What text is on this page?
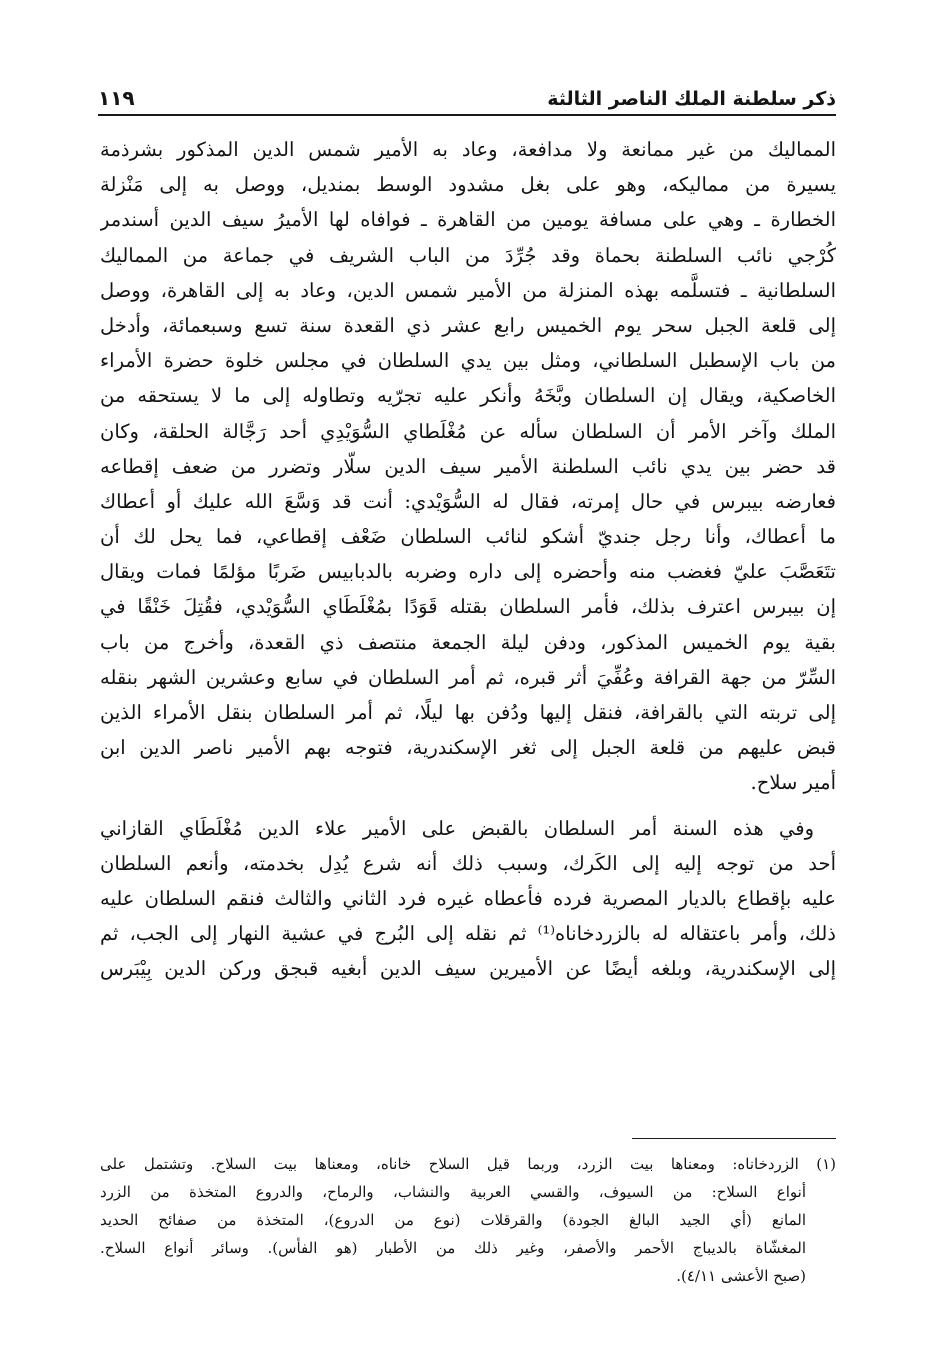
ذكر سلطنة الملك الناصر الثالثة
١١٩
المماليك من غير ممانعة ولا مدافعة، وعاد به الأمير شمس الدين المذكور بشرذمة
يسيرة من مماليكه، وهو على بغل مشدود الوسط بمنديل، ووصل به إلى مَنْزلة
الخطارة ـ وهي على مسافة يومين من القاهرة ـ فوافاه لها الأميرُ سيف الدين أسندمر
كُرْجي نائب السلطنة بحماة وقد جُرِّدَ من الباب الشريف في جماعة من المماليك
السلطانية ـ فتسلَّمه بهذه المنزلة من الأمير شمس الدين، وعاد به إلى القاهرة، ووصل
إلى قلعة الجبل سحر يوم الخميس رابع عشر ذي القعدة سنة تسع وسبعمائة، وأدخل
من باب الإسطبل السلطاني، ومثل بين يدي السلطان في مجلس خلوة حضرة الأمراء
الخاصكية، ويقال إن السلطان وبَّخَهُ وأنكر عليه تجرّيه وتطاوله إلى ما لا يستحقه من
الملك وآخر الأمر أن السلطان سأله عن مُغْلَطاي السُّوَيْدِي أحد رَجَّالة الحلقة، وكان
قد حضر بين يدي نائب السلطنة الأمير سيف الدين سلّار وتضرر من ضعف إقطاعه
فعارضه بيبرس في حال إمرته، فقال له السُّوَيْدي: أنت قد وَسَّعَ الله عليك أو أعطاك
ما أعطاك، وأنا رجل جنديّ أشكو لنائب السلطان ضَعْف إقطاعي، فما يحل لك أن
تتَعَصَّبَ عليّ فغضب منه وأحضره إلى داره وضربه بالدبابيس ضَربًا مؤلمًا فمات ويقال
إن بيبرس اعترف بذلك، فأمر السلطان بقتله قَوَدًا بمُغْلَطَاي السُّوَيْدي، فقُتِلَ خَنْقًا في
بقية يوم الخميس المذكور، ودفن ليلة الجمعة منتصف ذي القعدة، وأخرج من باب
السِّرّ من جهة القرافة وعُفِّيَ أثر قبره، ثم أمر السلطان في سابع وعشرين الشهر بنقله
إلى تربته التي بالقرافة، فنقل إليها ودُفن بها ليلًا، ثم أمر السلطان بنقل الأمراء الذين
قبض عليهم من قلعة الجبل إلى ثغر الإسكندرية، فتوجه بهم الأمير ناصر الدين ابن
أمير سلاح.
وفي هذه السنة أمر السلطان بالقبض على الأمير علاء الدين مُغْلَطَاي القازاني
أحد من توجه إليه إلى الكَرك، وسبب ذلك أنه شرع يُدِل بخدمته، وأنعم السلطان
عليه بإقطاع بالديار المصرية فرده فأعطاه غيره فرد الثاني والثالث فنقم السلطان عليه
ذلك، وأمر باعتقاله له بالزردخاناه⁽¹⁾ ثم نقله إلى البُرج في عشية النهار إلى الجب، ثم
إلى الإسكندرية، وبلغه أيضًا عن الأميرين سيف الدين أبغيه قبجق وركن الدين بِيْبَرس
(١) الزردخاناه: ومعناها بيت الزرد، وربما قيل السلاح خاناه، ومعناها بيت السلاح. وتشتمل على
أنواع السلاح: من السيوف، والقسي العربية والنشاب، والرماح، والدروع المتخذة من الزرد
المانع (أي الجيد البالغ الجودة) والقرقلات (نوع من الدروع)، المتخذة من صفائح الحديد
المغشّاة بالديباج الأحمر والأصفر، وغير ذلك من الأطبار (هو الفأس). وسائر أنواع السلاح.
(صبح الأعشى ٤/١١).
